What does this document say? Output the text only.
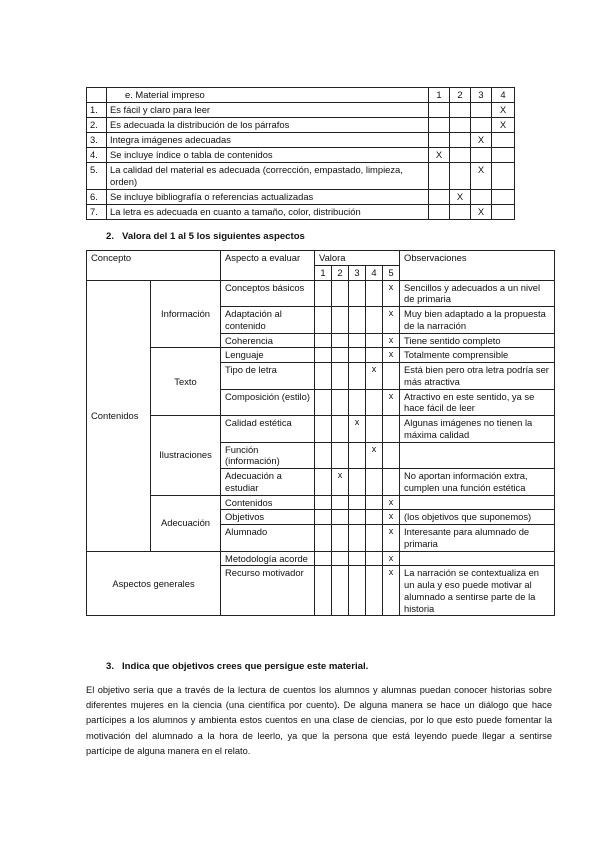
	e. Material impreso	1	2	3	4
1.	Es fácil y claro para leer				X
2.	Es adecuada la distribución de los párrafos				X
3.	Integra imágenes adecuadas			X	
4.	Se incluye índice o tabla de contenidos	X			
5.	La calidad del material es adecuada (corrección, empastado, limpieza, orden)			X	
6.	Se incluye bibliografía o referencias actualizadas		X		
7.	La letra es adecuada en cuanto a tamaño, color, distribución			X	
2. Valora del 1 al 5 los siguientes aspectos
Concepto		Aspecto a evaluar	Valora					Observaciones
			1	2	3	4	5	
Contenidos	Información	Conceptos básicos					x	Sencillos y adecuados a un nivel de primaria
		Adaptación al contenido					x	Muy bien adaptado a la propuesta de la narración
		Coherencia					x	Tiene sentido completo
	Texto	Lenguaje					x	Totalmente comprensible
		Tipo de letra				x		Está bien pero otra letra podría ser más atractiva
		Composición (estilo)					x	Atractivo en este sentido, ya se hace fácil de leer
	Ilustraciones	Calidad estética			x			Algunas imágenes no tienen la máxima calidad
		Función (información)				x		
		Adecuación a estudiar		x				No aportan información extra, cumplen una función estética
	Adecuación	Contenidos					x	
		Objetivos					x	(los objetivos que suponemos)
		Alumnado					x	Interesante para alumnado de primaria
Aspectos generales		Metodología acorde					x	
		Recurso motivador					x	La narración se contextualiza en un aula y eso puede motivar al alumnado a sentirse parte de la historia
3. Indica que objetivos crees que persigue este material.
El objetivo sería que a través de la lectura de cuentos los alumnos y alumnas puedan conocer historias sobre diferentes mujeres en la ciencia (una científica por cuento). De alguna manera se hace un diálogo que hace partícipes a los alumnos y ambienta estos cuentos en una clase de ciencias, por lo que esto puede fomentar la motivación del alumnado a la hora de leerlo, ya que la persona que está leyendo puede llegar a sentirse partícipe de alguna manera en el relato.
